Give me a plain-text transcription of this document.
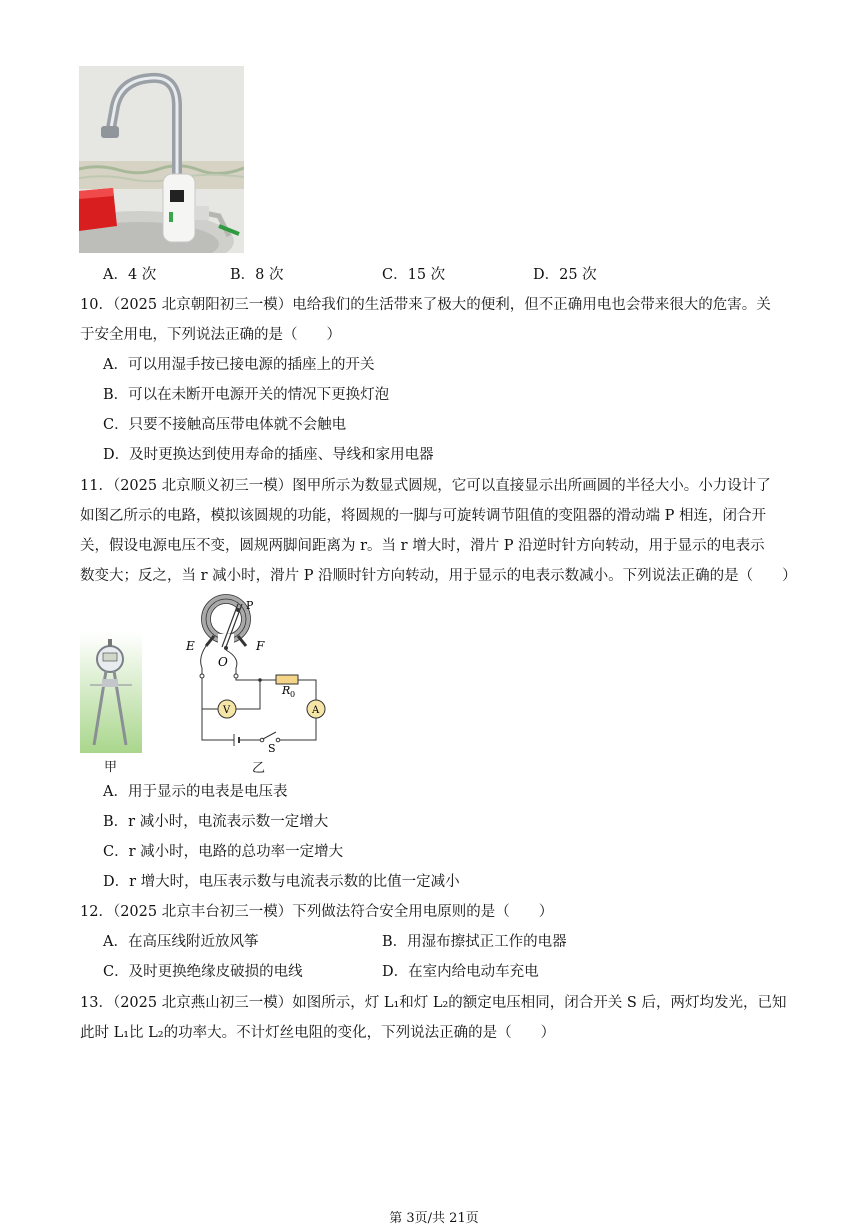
A．4 次	B．8 次	C．15 次	D．25 次
10．（2025 北京朝阳初三一模）电给我们的生活带来了极大的便利，但不正确用电也会带来很大的危害。关
于安全用电，下列说法正确的是（　　）
A．可以用湿手按已接电源的插座上的开关
B．可以在未断开电源开关的情况下更换灯泡
C．只要不接触高压带电体就不会触电
D．及时更换达到使用寿命的插座、导线和家用电器
11．（2025 北京顺义初三一模）图甲所示为数显式圆规，它可以直接显示出所画圆的半径大小。小力设计了
如图乙所示的电路，模拟该圆规的功能，将圆规的一脚与可旋转调节阻值的变阻器的滑动端 P 相连，闭合开
关，假设电源电压不变，圆规两脚间距离为 r。当 r 增大时，滑片 P 沿逆时针方向转动，用于显示的电表示
数变大；反之，当 r 减小时，滑片 P 沿顺时针方向转动，用于显示的电表示数减小。下列说法正确的是（　　）
甲
E	F
O
P
R 0
V	A
S
乙
A．用于显示的电表是电压表
B．r 减小时，电流表示数一定增大
C．r 减小时，电路的总功率一定增大
D．r 增大时，电压表示数与电流表示数的比值一定减小
12．（2025 北京丰台初三一模）下列做法符合安全用电原则的是（　　）
A．在高压线附近放风筝	B．用湿布擦拭正工作的电器
C．及时更换绝缘皮破损的电线	D．在室内给电动车充电
13．（2025 北京燕山初三一模）如图所示，灯 L₁和灯 L₂的额定电压相同，闭合开关 S 后，两灯均发光，已知
此时 L₁比 L₂的功率大。不计灯丝电阻的变化，下列说法正确的是（　　）
第 3页/共 21页
